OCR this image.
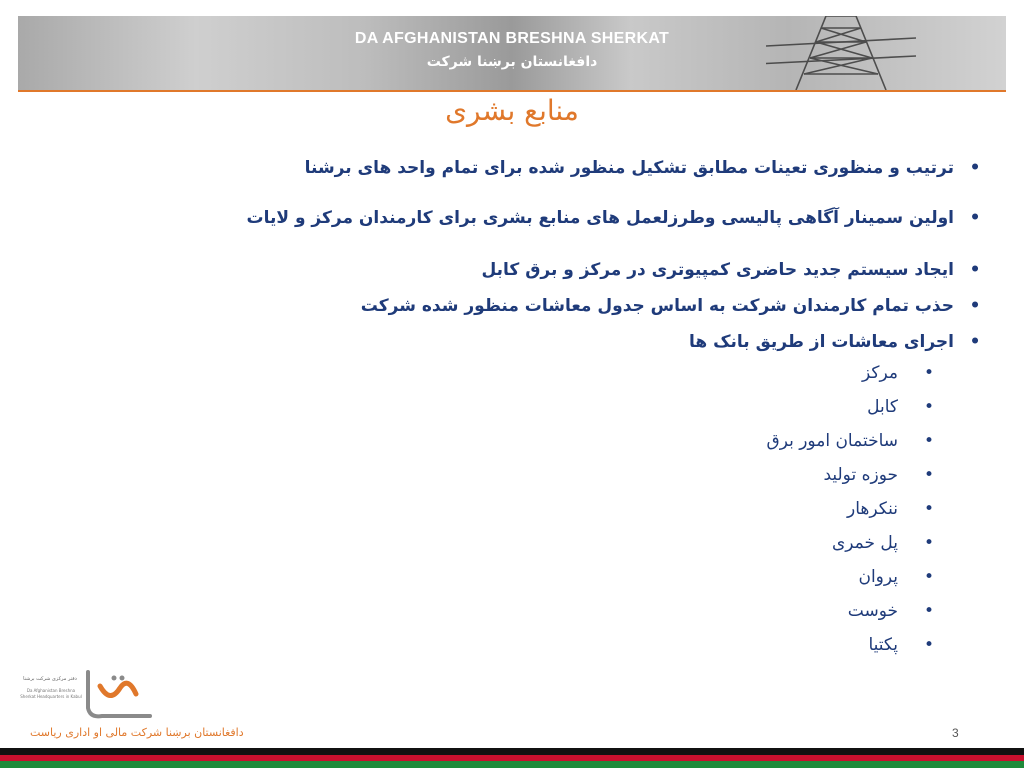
DA AFGHANISTAN BRESHNA SHERKAT
دافغانستان برښنا شرکت
منابع بشری
•
ترتیب و منظوری تعینات مطابق تشکیل منظور شده برای تمام واحد های برشنا
•
اولین سمینار آگاهی پالیسی وطرزلعمل های منابع بشری برای کارمندان مرکز و لایات
•
ایجاد سیستم جدید حاضری کمپیوتری در مرکز و برق کابل
•
حذب تمام کارمندان شرکت به اساس جدول معاشات منظور شده شرکت
•
اجرای معاشات از طریق بانک ها
•
مرکز
•
کابل
•
ساختمان امور برق
•
حوزه تولید
•
ننکرهار
•
پل خمری
•
پروان
•
خوست
•
پکتیا
دفتر مرکزی شرکت برشنا
Da Afghanistan Breshna Sherkat Headquarters in Kabul
دافغانستان برښنا شرکت مالی او اداری ریاست	3
